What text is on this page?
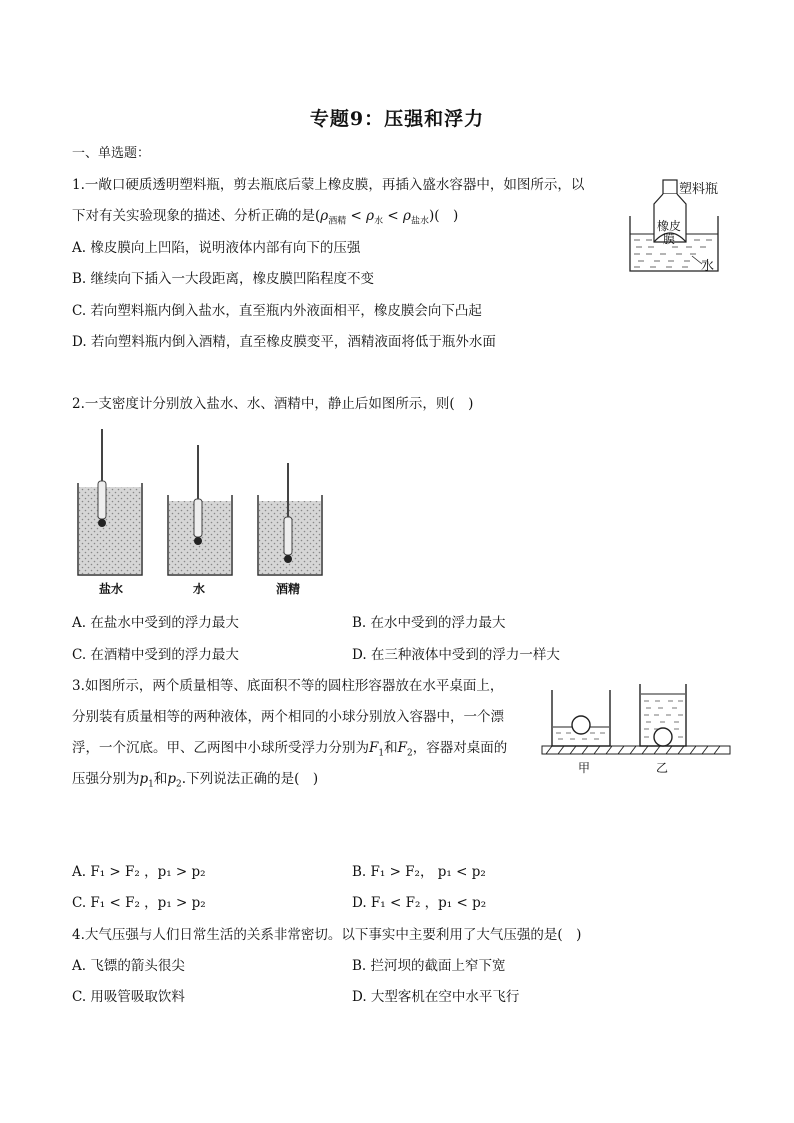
专题9：压强和浮力
一、单选题：
1.一敞口硬质透明塑料瓶，剪去瓶底后蒙上橡皮膜，再插入盛水容器中，如图所示，以
下对有关实验现象的描述、分析正确的是$(\rho_{酒精} < \rho_水 < \rho_{盐水})$(　)
A. 橡皮膜向上凹陷，说明液体内部有向下的压强
B. 继续向下插入一大段距离，橡皮膜凹陷程度不变
C. 若向塑料瓶内倒入盐水，直至瓶内外液面相平，橡皮膜会向下凸起
D. 若向塑料瓶内倒入酒精，直至橡皮膜变平，酒精液面将低于瓶外水面
塑料瓶
橡皮
膜
水
2.一支密度计分别放入盐水、水、酒精中，静止后如图所示，则(　)
盐水	水	酒精
A. 在盐水中受到的浮力最大	B. 在水中受到的浮力最大
C. 在酒精中受到的浮力最大	D. 在三种液体中受到的浮力一样大
3.如图所示，两个质量相等、底面积不等的圆柱形容器放在水平桌面上，
分别装有质量相等的两种液体，两个相同的小球分别放入容器中，一个漂
浮，一个沉底。甲、乙两图中小球所受浮力分别为$F_1$和$F_2$，容器对桌面的
压强分别为$p_1$和$p_2$.下列说法正确的是(　)
甲	乙
A. F₁ > F₂ ，p₁ > p₂	B. F₁ > F₂， p₁ < p₂
C. F₁ < F₂ ，p₁ > p₂	D. F₁ < F₂ ，p₁ < p₂
4.大气压强与人们日常生活的关系非常密切。以下事实中主要利用了大气压强的是(　)
A. 飞镖的箭头很尖	B. 拦河坝的截面上窄下宽
C. 用吸管吸取饮料	D. 大型客机在空中水平飞行
